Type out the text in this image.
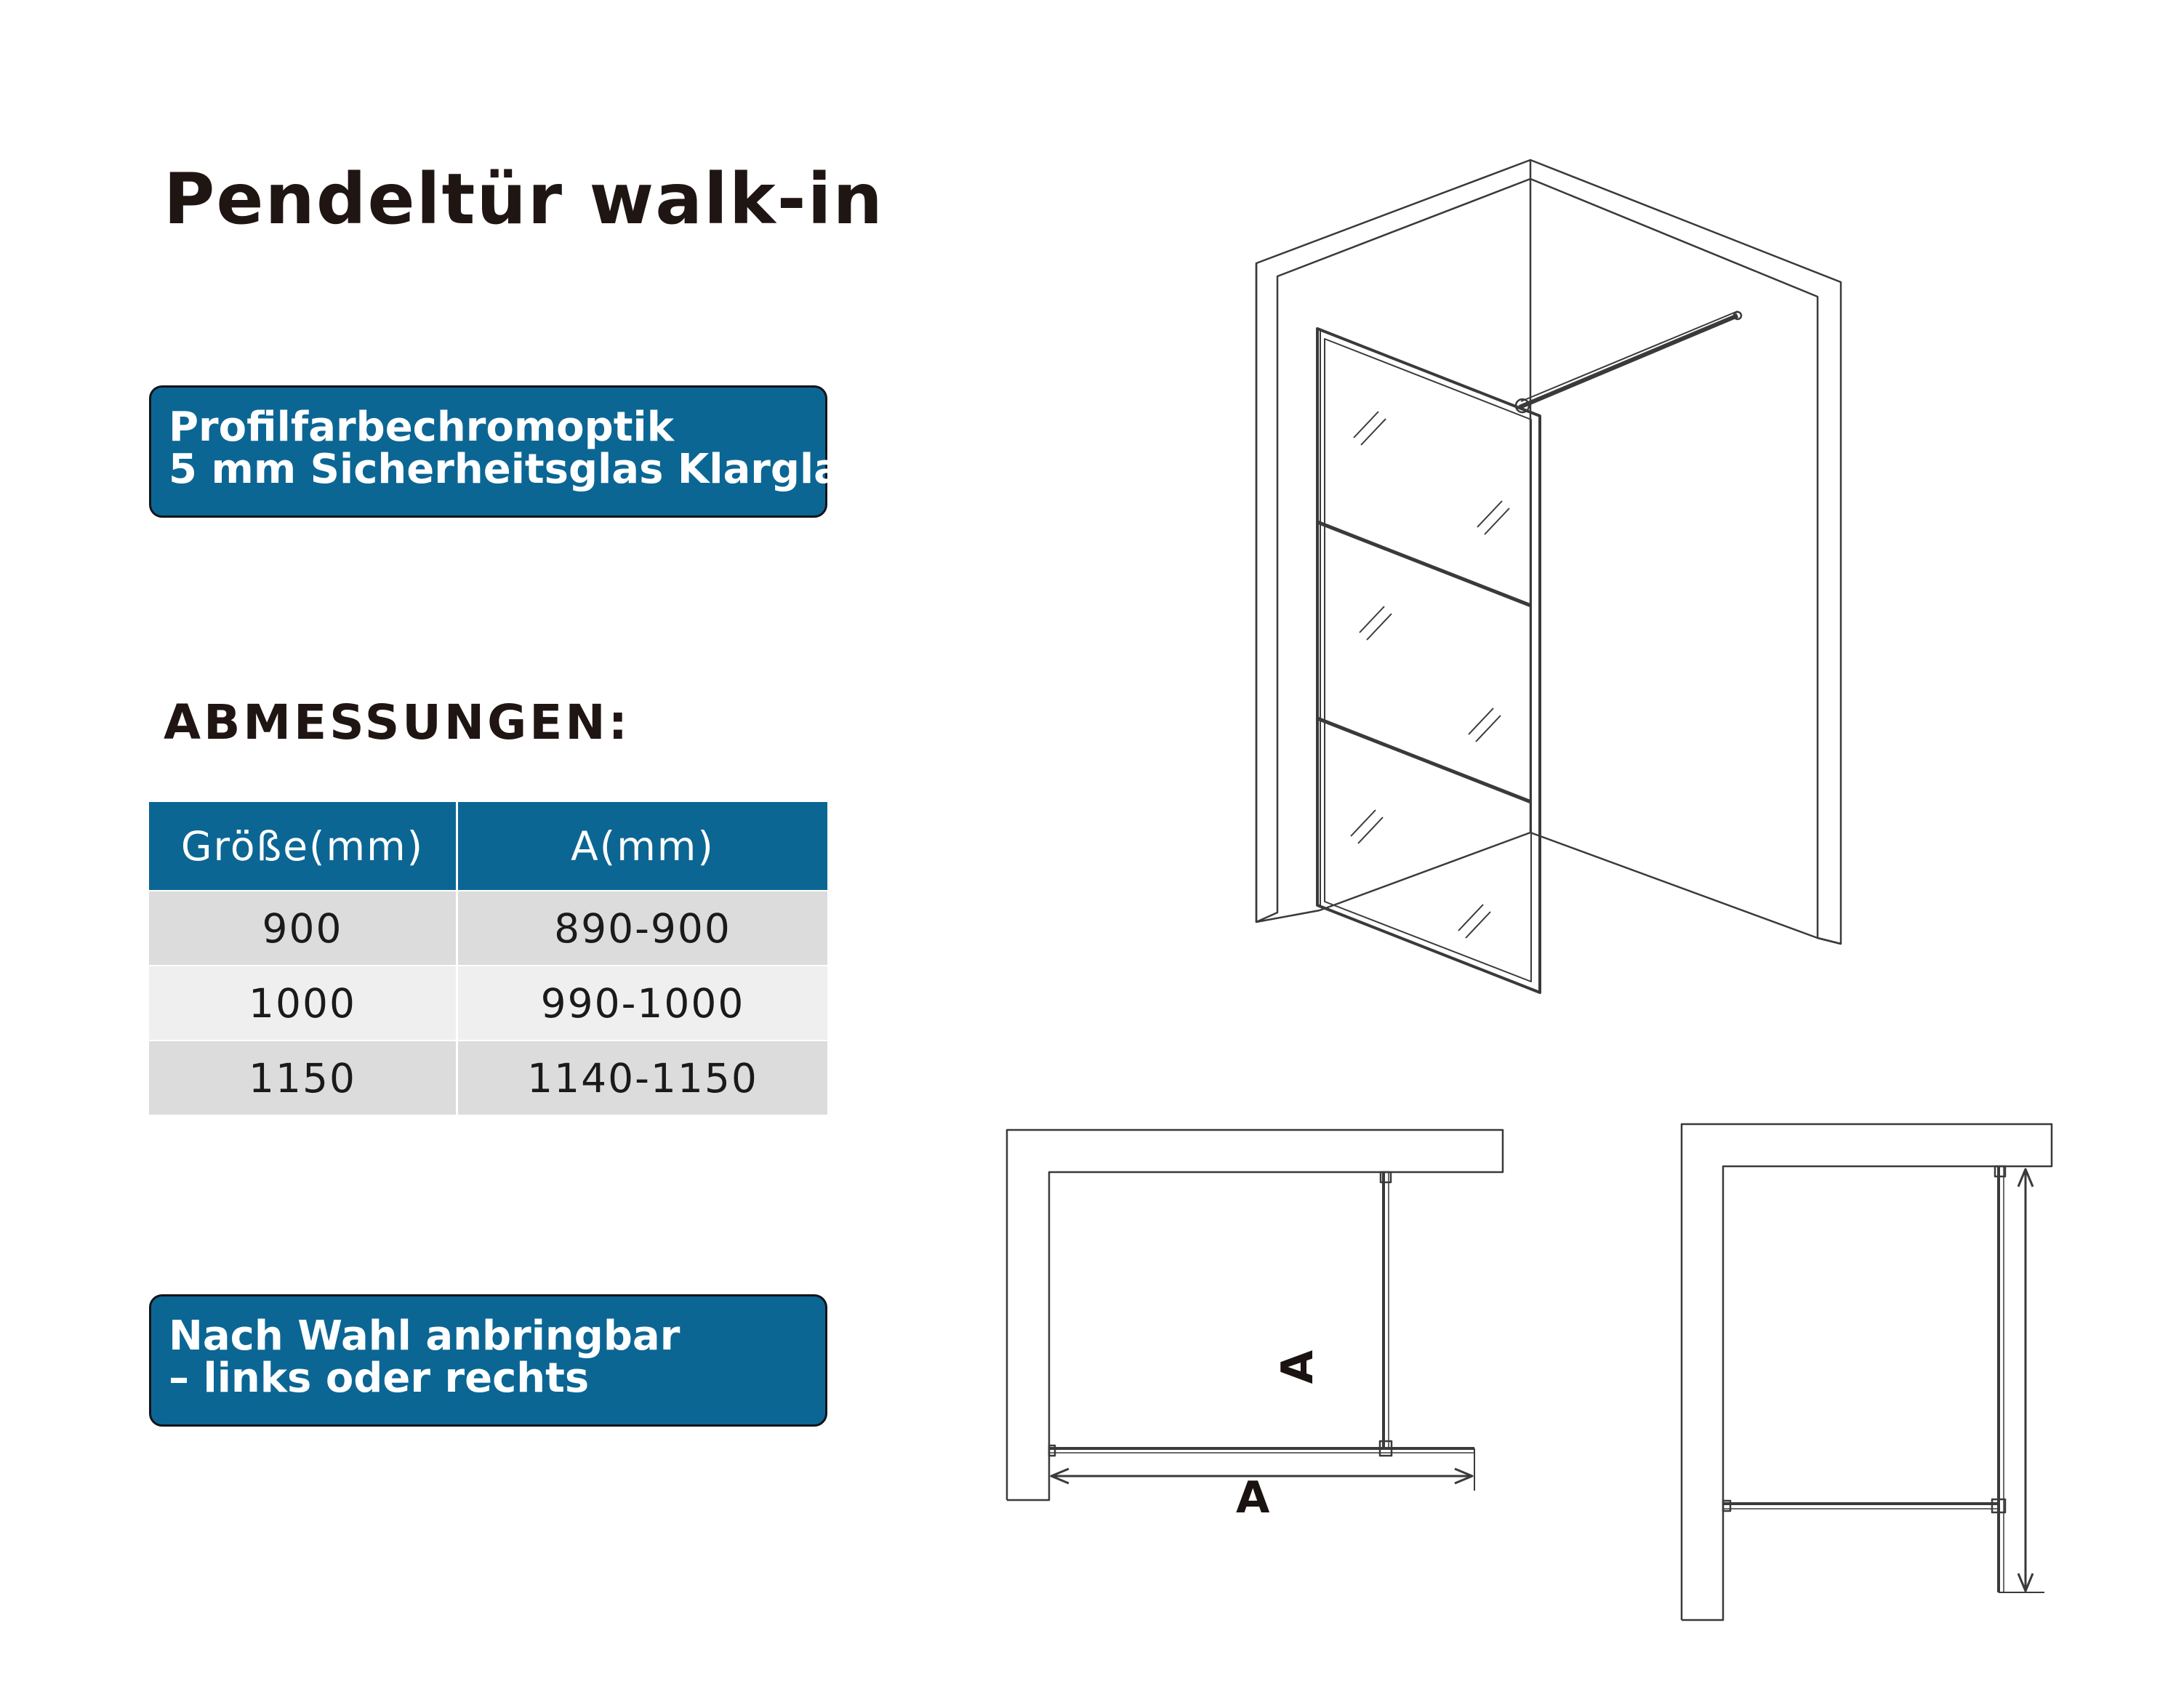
Pendeltür walk-in
Profilfarbechromoptik
5 mm Sicherheitsglas Klarglas
ABMESSUNGEN:
Größe(mm)	A(mm)
900	890-900
1000	990-1000
1150	1140-1150
Nach Wahl anbringbar
– links oder rechts
A
A
